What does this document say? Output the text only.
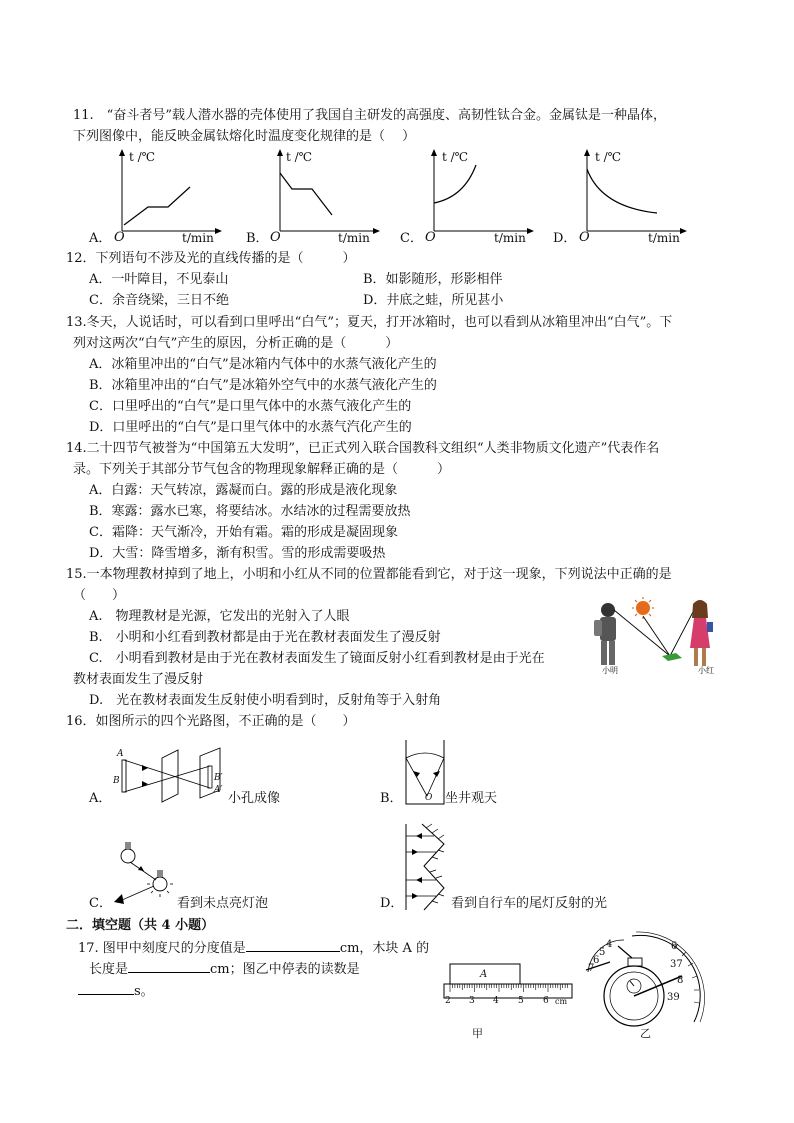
11.　“奋斗者号”载人潜水器的壳体使用了我国自主研发的高强度、高韧性钛合金。金属钛是一种晶体，
下列图像中，能反映金属钛熔化时温度变化规律的是（　 ）
A．
t /℃
O	t/min B．
t /℃
O	t/min C．
t /℃
O	t/min D．
t /℃
O	t/min
12．下列语句不涉及光的直线传播的是（　　　）
A．一叶障目，不见泰山	B．如影随形，形影相伴
C．余音绕梁，三日不绝	D．井底之蛙，所见甚小
13.冬天，人说话时，可以看到口里呼出“白气”；夏天，打开冰箱时，也可以看到从冰箱里冲出“白气”。下
列对这两次“白气”产生的原因，分析正确的是（　　　）
A．冰箱里冲出的“白气”是冰箱内气体中的水蒸气液化产生的
B．冰箱里冲出的“白气”是冰箱外空气中的水蒸气液化产生的
C．口里呼出的“白气”是口里气体中的水蒸气液化产生的
D．口里呼出的“白气”是口里气体中的水蒸气汽化产生的
14.二十四节气被誉为“中国第五大发明”，已正式列入联合国教科文组织“人类非物质文化遗产”代表作名
录。下列关于其部分节气包含的物理现象解释正确的是（　　　）
A．白露：天气转凉，露凝而白。露的形成是液化现象
B．寒露：露水已寒，将要结冰。水结冰的过程需要放热
C．霜降：天气渐冷，开始有霜。霜的形成是凝固现象
D．大雪：降雪增多，渐有积雪。雪的形成需要吸热
15.一本物理教材掉到了地上，小明和小红从不同的位置都能看到它，对于这一现象，下列说法中正确的是
（　　）
A.　物理教材是光源，它发出的光射入了人眼
B.　小明和小红看到教材都是由于光在教材表面发生了漫反射
C.　小明看到教材是由于光在教材表面发生了镜面反射小红看到教材是由于光在
教材表面发生了漫反射
D.　光在教材表面发生反射使小明看到时，反射角等于入射角
小明	小红
16．如图所示的四个光路图，不正确的是（　　）
A．
A
B	B′
A′
小孔成像	B． O 坐井观天
C．	看到未点亮灯泡	D．	看到自行车的尾灯反射的光
二．填空题（共 4 小题）
17. 图甲中刻度尺的分度值是	cm，木块 A 的
长度是	cm；图乙中停表的读数是
s。
A
2 3 4 5 6 cm
甲
4
5
6
7
6
37
8
39
乙
